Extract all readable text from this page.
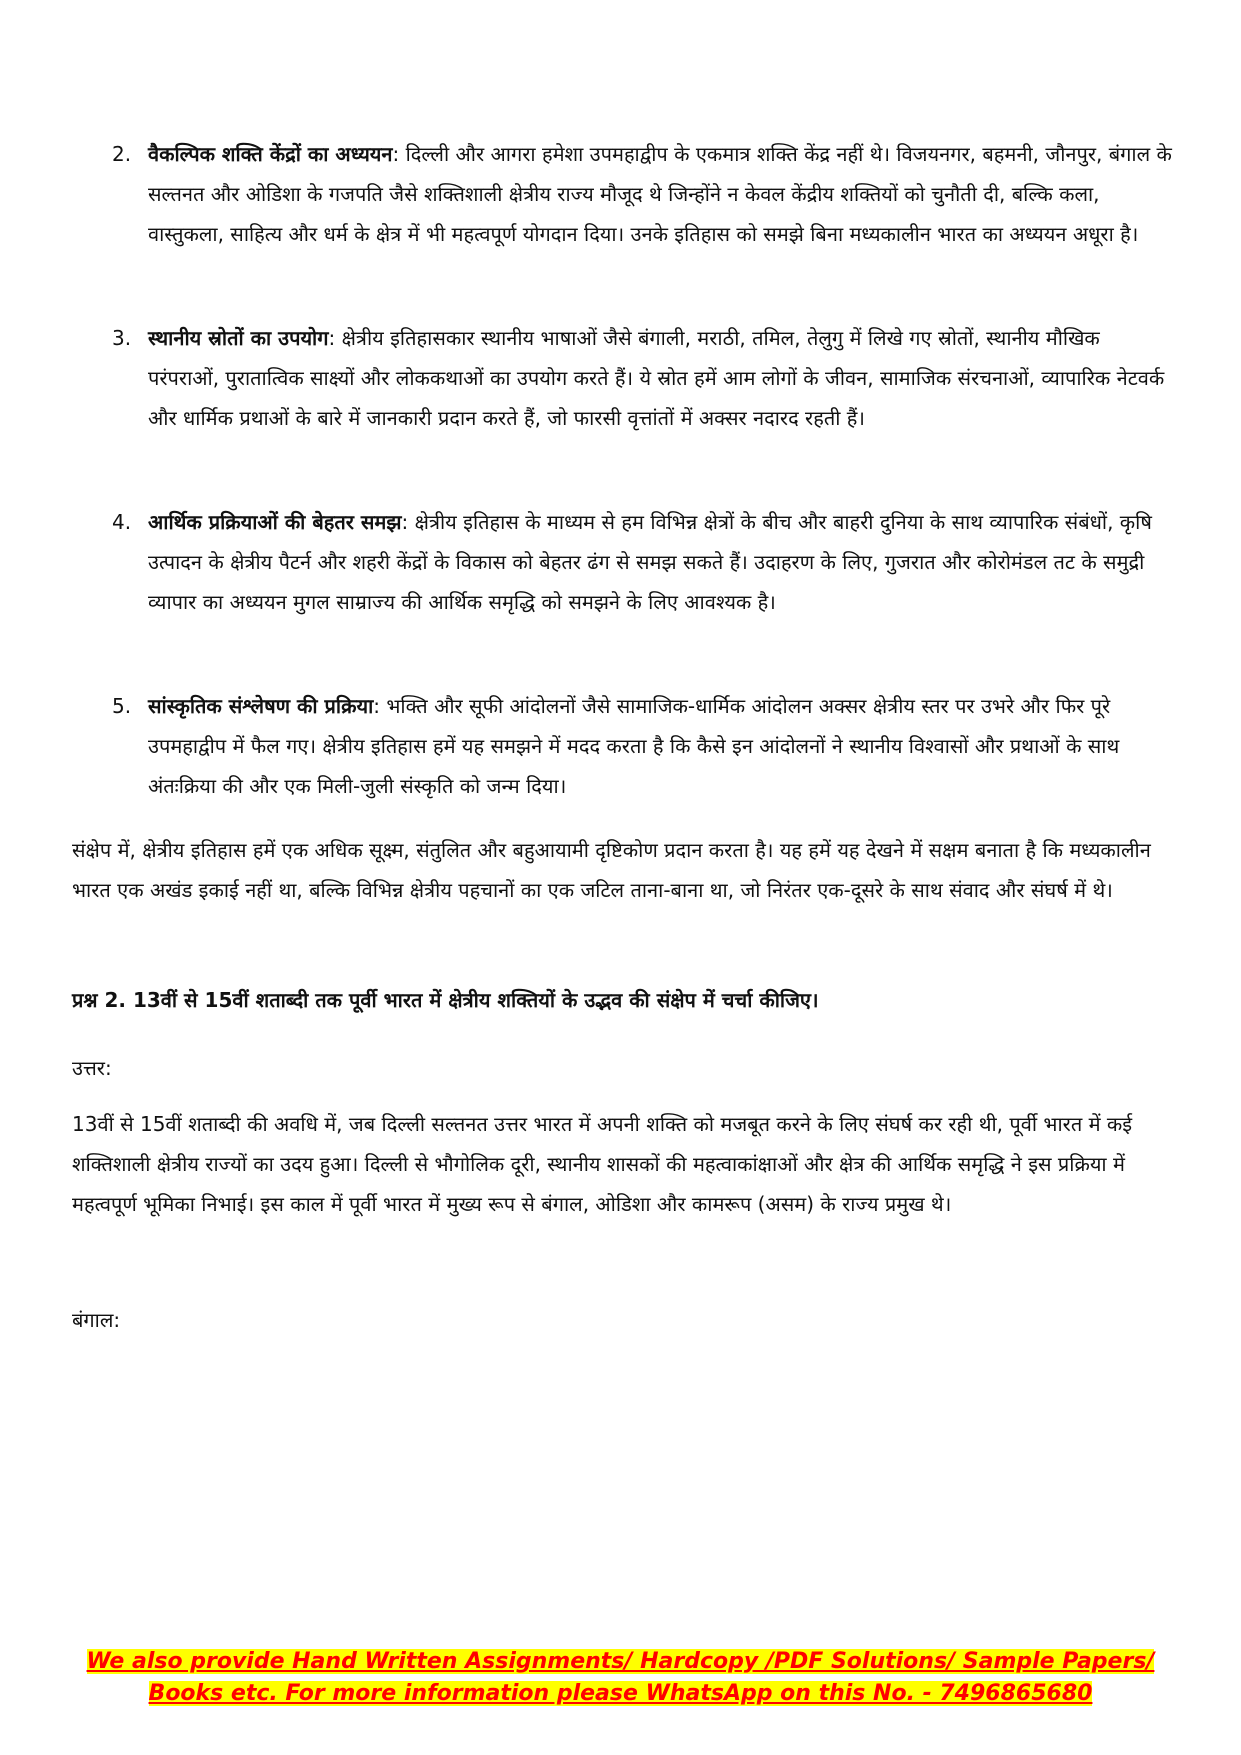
2. वैकल्पिक शक्ति केंद्रों का अध्ययन: दिल्ली और आगरा हमेशा उपमहाद्वीप के एकमात्र शक्ति केंद्र नहीं थे। विजयनगर, बहमनी, जौनपुर, बंगाल के सल्तनत और ओडिशा के गजपति जैसे शक्तिशाली क्षेत्रीय राज्य मौजूद थे जिन्होंने न केवल केंद्रीय शक्तियों को चुनौती दी, बल्कि कला, वास्तुकला, साहित्य और धर्म के क्षेत्र में भी महत्वपूर्ण योगदान दिया। उनके इतिहास को समझे बिना मध्यकालीन भारत का अध्ययन अधूरा है।
3. स्थानीय स्रोतों का उपयोग: क्षेत्रीय इतिहासकार स्थानीय भाषाओं जैसे बंगाली, मराठी, तमिल, तेलुगु में लिखे गए स्रोतों, स्थानीय मौखिक परंपराओं, पुरातात्विक साक्ष्यों और लोककथाओं का उपयोग करते हैं। ये स्रोत हमें आम लोगों के जीवन, सामाजिक संरचनाओं, व्यापारिक नेटवर्क और धार्मिक प्रथाओं के बारे में जानकारी प्रदान करते हैं, जो फारसी वृत्तांतों में अक्सर नदारद रहती हैं।
4. आर्थिक प्रक्रियाओं की बेहतर समझ: क्षेत्रीय इतिहास के माध्यम से हम विभिन्न क्षेत्रों के बीच और बाहरी दुनिया के साथ व्यापारिक संबंधों, कृषि उत्पादन के क्षेत्रीय पैटर्न और शहरी केंद्रों के विकास को बेहतर ढंग से समझ सकते हैं। उदाहरण के लिए, गुजरात और कोरोमंडल तट के समुद्री व्यापार का अध्ययन मुगल साम्राज्य की आर्थिक समृद्धि को समझने के लिए आवश्यक है।
5. सांस्कृतिक संश्लेषण की प्रक्रिया: भक्ति और सूफी आंदोलनों जैसे सामाजिक-धार्मिक आंदोलन अक्सर क्षेत्रीय स्तर पर उभरे और फिर पूरे उपमहाद्वीप में फैल गए। क्षेत्रीय इतिहास हमें यह समझने में मदद करता है कि कैसे इन आंदोलनों ने स्थानीय विश्वासों और प्रथाओं के साथ अंतःक्रिया की और एक मिली-जुली संस्कृति को जन्म दिया।
संक्षेप में, क्षेत्रीय इतिहास हमें एक अधिक सूक्ष्म, संतुलित और बहुआयामी दृष्टिकोण प्रदान करता है। यह हमें यह देखने में सक्षम बनाता है कि मध्यकालीन भारत एक अखंड इकाई नहीं था, बल्कि विभिन्न क्षेत्रीय पहचानों का एक जटिल ताना-बाना था, जो निरंतर एक-दूसरे के साथ संवाद और संघर्ष में थे।
प्रश्न 2. 13वीं से 15वीं शताब्दी तक पूर्वी भारत में क्षेत्रीय शक्तियों के उद्भव की संक्षेप में चर्चा कीजिए।
उत्तर:
13वीं से 15वीं शताब्दी की अवधि में, जब दिल्ली सल्तनत उत्तर भारत में अपनी शक्ति को मजबूत करने के लिए संघर्ष कर रही थी, पूर्वी भारत में कई शक्तिशाली क्षेत्रीय राज्यों का उदय हुआ। दिल्ली से भौगोलिक दूरी, स्थानीय शासकों की महत्वाकांक्षाओं और क्षेत्र की आर्थिक समृद्धि ने इस प्रक्रिया में महत्वपूर्ण भूमिका निभाई। इस काल में पूर्वी भारत में मुख्य रूप से बंगाल, ओडिशा और कामरूप (असम) के राज्य प्रमुख थे।
बंगाल:
We also provide Hand Written Assignments/ Hardcopy /PDF Solutions/ Sample Papers/
Books etc. For more information please WhatsApp on this No. - 7496865680
